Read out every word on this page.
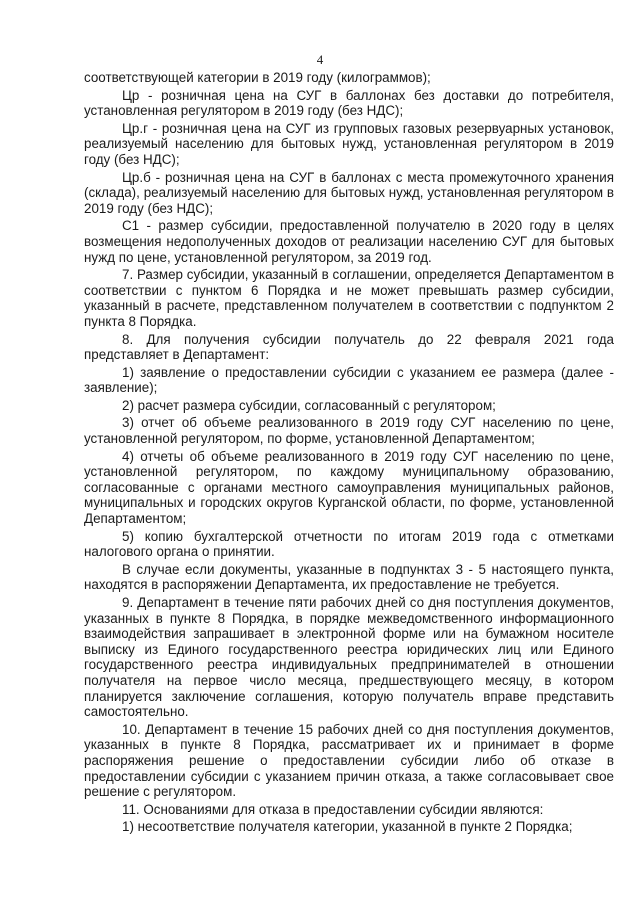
4

соответствующей категории в 2019 году (килограммов);

Цр - розничная цена на СУГ в баллонах без доставки до потребителя, установленная регулятором в 2019 году (без НДС);

Цр.г - розничная цена на СУГ из групповых газовых резервуарных установок, реализуемый населению для бытовых нужд, установленная регулятором в 2019 году (без НДС);

Цр.б - розничная цена на СУГ в баллонах с места промежуточного хранения (склада), реализуемый населению для бытовых нужд, установленная регулятором в 2019 году (без НДС);

С1 - размер субсидии, предоставленной получателю в 2020 году в целях возмещения недополученных доходов от реализации населению СУГ для бытовых нужд по цене, установленной регулятором, за 2019 год.

7. Размер субсидии, указанный в соглашении, определяется Департаментом в соответствии с пунктом 6 Порядка и не может превышать размер субсидии, указанный в расчете, представленном получателем в соответствии с подпунктом 2 пункта 8 Порядка.

8. Для получения субсидии получатель до 22 февраля 2021 года представляет в Департамент:

1) заявление о предоставлении субсидии с указанием ее размера (далее - заявление);

2) расчет размера субсидии, согласованный с регулятором;

3) отчет об объеме реализованного в 2019 году СУГ населению по цене, установленной регулятором, по форме, установленной Департаментом;

4) отчеты об объеме реализованного в 2019 году СУГ населению по цене, установленной регулятором, по каждому муниципальному образованию, согласованные с органами местного самоуправления муниципальных районов, муниципальных и городских округов Курганской области, по форме, установленной Департаментом;

5) копию бухгалтерской отчетности по итогам 2019 года с отметками налогового органа о принятии.

В случае если документы, указанные в подпунктах 3 - 5 настоящего пункта, находятся в распоряжении Департамента, их предоставление не требуется.

9. Департамент в течение пяти рабочих дней со дня поступления документов, указанных в пункте 8 Порядка, в порядке межведомственного информационного взаимодействия запрашивает в электронной форме или на бумажном носителе выписку из Единого государственного реестра юридических лиц или Единого государственного реестра индивидуальных предпринимателей в отношении получателя на первое число месяца, предшествующего месяцу, в котором планируется заключение соглашения, которую получатель вправе представить самостоятельно.

10. Департамент в течение 15 рабочих дней со дня поступления документов, указанных в пункте 8 Порядка, рассматривает их и принимает в форме распоряжения решение о предоставлении субсидии либо об отказе в предоставлении субсидии с указанием причин отказа, а также согласовывает свое решение с регулятором.

11. Основаниями для отказа в предоставлении субсидии являются:

1) несоответствие получателя категории, указанной в пункте 2 Порядка;
